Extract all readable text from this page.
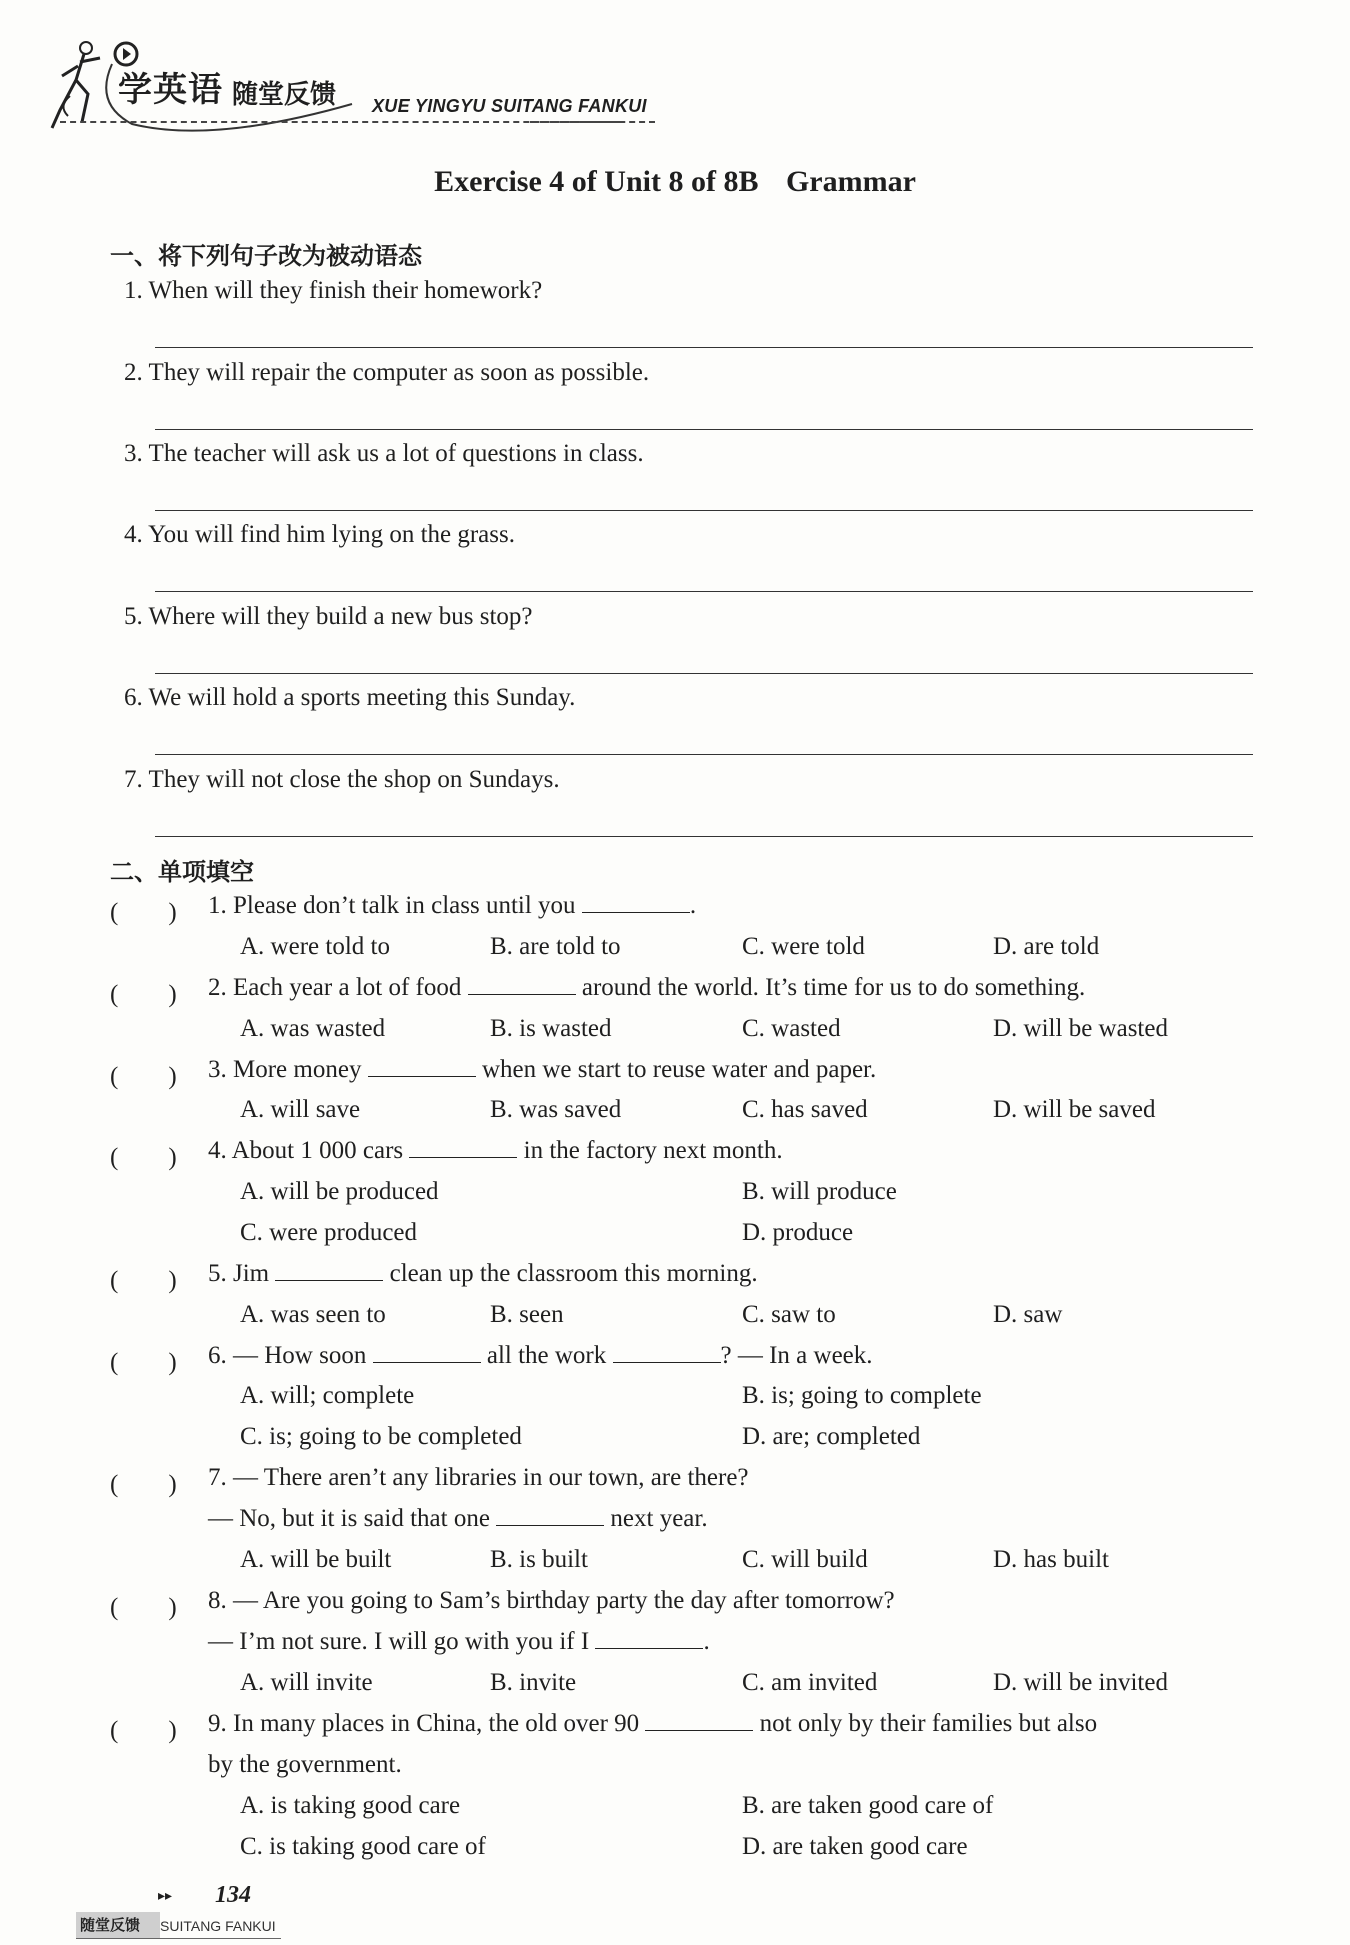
学英语 随堂反馈 XUE YINGYU SUITANG FANKUI
Exercise 4 of Unit 8 of 8B Grammar
一、将下列句子改为被动语态
1. When will they finish their homework?
2. They will repair the computer as soon as possible.
3. The teacher will ask us a lot of questions in class.
4. You will find him lying on the grass.
5. Where will they build a new bus stop?
6. We will hold a sports meeting this Sunday.
7. They will not close the shop on Sundays.
二、单项填空
(　　) 1. Please don’t talk in class until you	.
A. were told to	B. are told to	C. were told	D. are told
(　　) 2. Each year a lot of food	around the world. It’s time for us to do something.
A. was wasted	B. is wasted	C. wasted	D. will be wasted
(　　) 3. More money	when we start to reuse water and paper.
A. will save	B. was saved	C. has saved	D. will be saved
(　　) 4. About 1 000 cars	in the factory next month.
A. will be produced	B. will produce
C. were produced	D. produce
(　　) 5. Jim	clean up the classroom this morning.
A. was seen to	B. seen	C. saw to	D. saw
(　　) 6. — How soon	all the work	? — In a week.
A. will; complete	B. is; going to complete
C. is; going to be completed	D. are; completed
(　　) 7. — There aren’t any libraries in our town, are there?
— No, but it is said that one	next year.
A. will be built	B. is built	C. will build	D. has built
(　　) 8. — Are you going to Sam’s birthday party the day after tomorrow?
— I’m not sure. I will go with you if I	.
A. will invite	B. invite	C. am invited	D. will be invited
(　　) 9. In many places in China, the old over 90	not only by their families but also
by the government.
A. is taking good care	B. are taken good care of
C. is taking good care of	D. are taken good care
▸▸ 134
随堂反馈 SUITANG FANKUI
